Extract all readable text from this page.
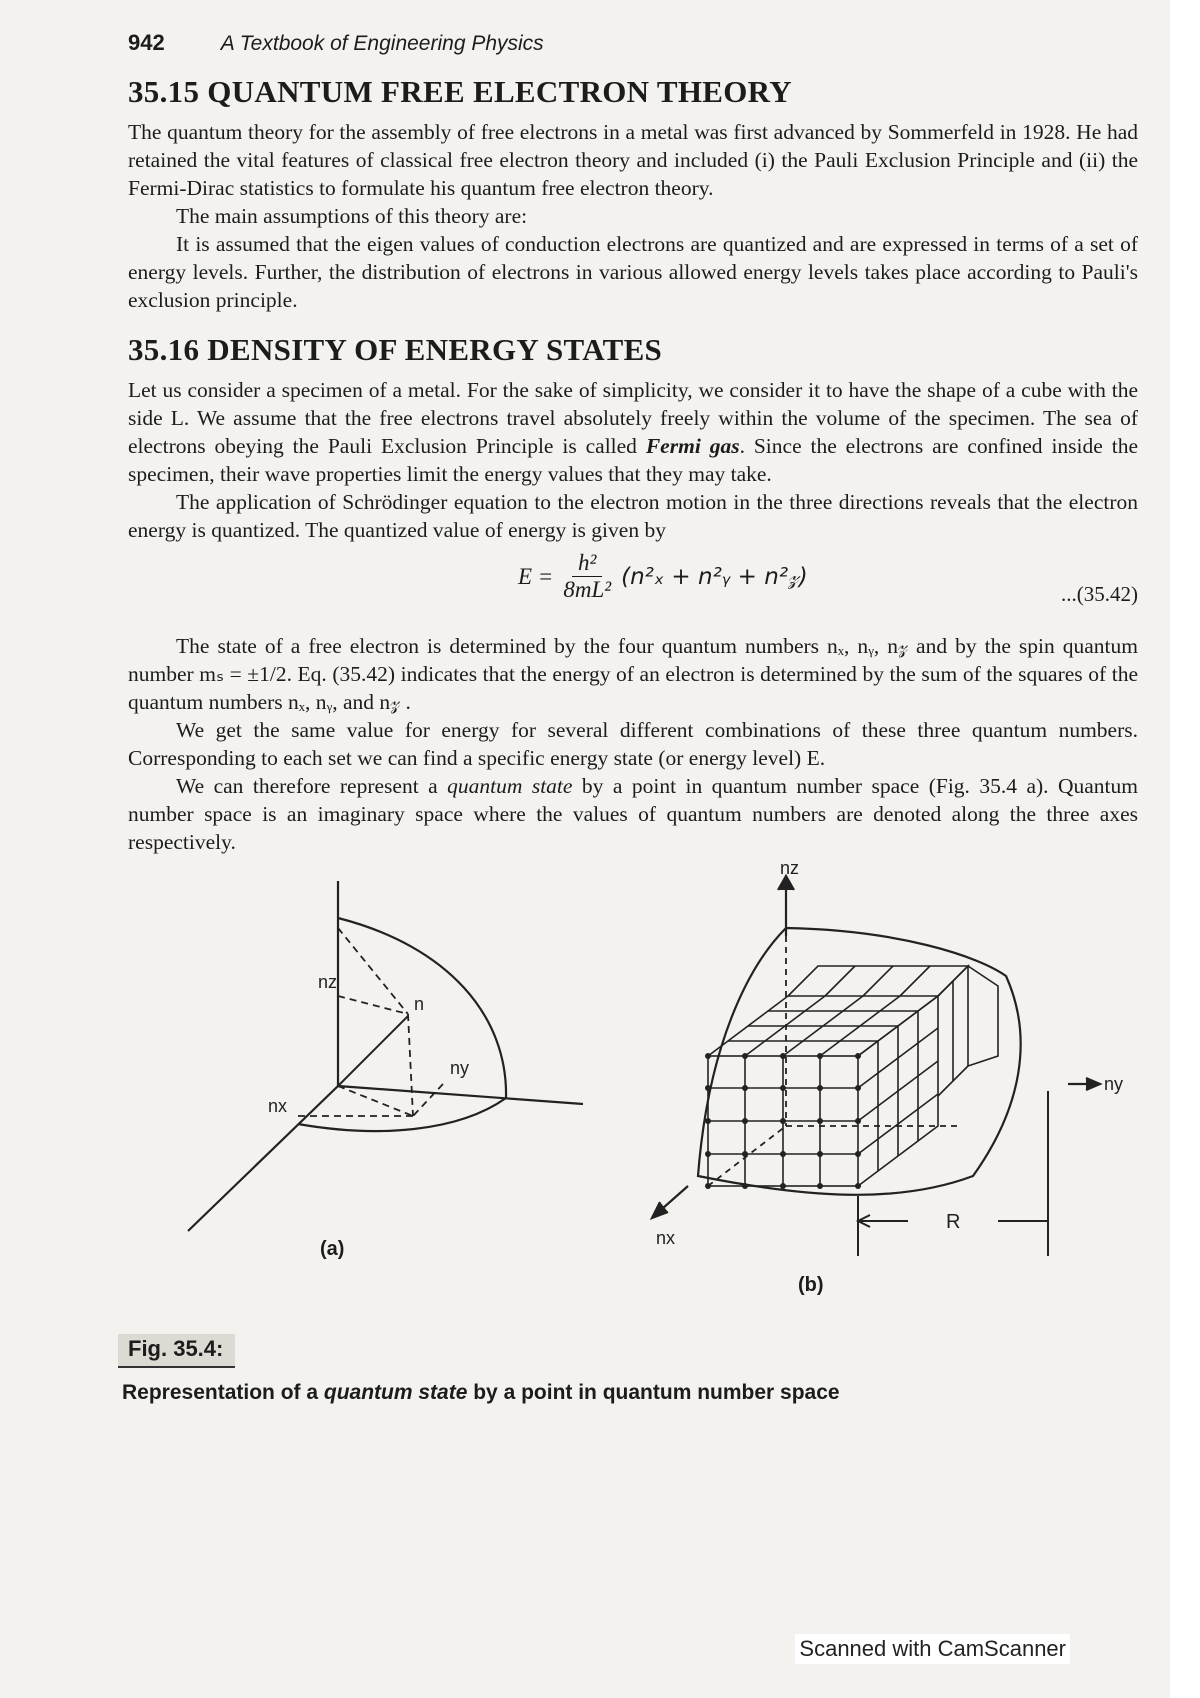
942	A Textbook of Engineering Physics
35.15 QUANTUM FREE ELECTRON THEORY

The quantum theory for the assembly of free electrons in a metal was first advanced by Sommerfeld in 1928. He had retained the vital features of classical free electron theory and included (i) the Pauli Exclusion Principle and (ii) the Fermi-Dirac statistics to formulate his quantum free electron theory.

The main assumptions of this theory are:

It is assumed that the eigen values of conduction electrons are quantized and are expressed in terms of a set of energy levels. Further, the distribution of electrons in various allowed energy levels takes place according to Pauli's exclusion principle.

35.16 DENSITY OF ENERGY STATES

Let us consider a specimen of a metal. For the sake of simplicity, we consider it to have the shape of a cube with the side L. We assume that the free electrons travel absolutely freely within the volume of the specimen. The sea of electrons obeying the Pauli Exclusion Principle is called Fermi gas. Since the electrons are confined inside the specimen, their wave properties limit the energy values that they may take.

The application of Schrödinger equation to the electron motion in the three directions reveals that the electron energy is quantized. The quantized value of energy is given by

$E = \frac{\text{h²}}{\text{8mL²}} (n^2_x$ + n²ᵧ + n²𝓏)
...(35.42)

The state of a free electron is determined by the four quantum numbers nₓ, nᵧ, n𝓏 and by the spin quantum number mₛ = ±1/2. Eq. (35.42) indicates that the energy of an electron is determined by the sum of the squares of the quantum numbers nₓ, nᵧ, and n𝓏 .

We get the same value for energy for several different combinations of these three quantum numbers. Corresponding to each set we can find a specific energy state (or energy level) E.

We can therefore represent a quantum state by a point in quantum number space (Fig. 35.4 a). Quantum number space is an imaginary space where the values of quantum numbers are denoted along the three axes respectively.

nz
n
ny
nx
(a)
nz
ny
nx
R
(b)
Fig. 35.4:
Representation of a quantum state by a point in quantum number space
Scanned with CamScanner
